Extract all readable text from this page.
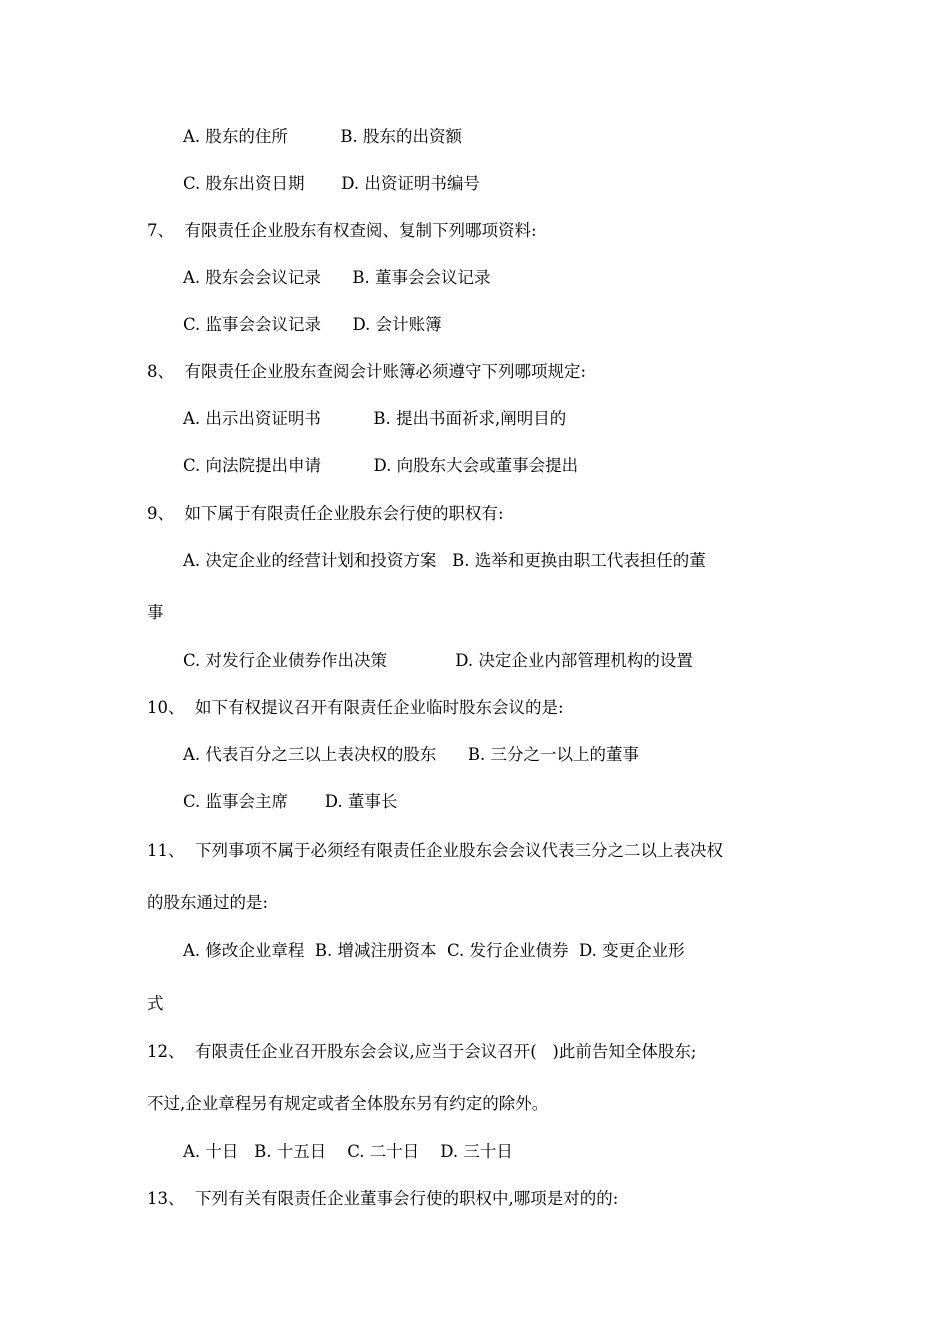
A. 股东的住所          B. 股东的出资额
C. 股东出资日期       D. 出资证明书编号
7、  有限责任企业股东有权查阅、复制下列哪项资料:
A. 股东会会议记录      B. 董事会会议记录
C. 监事会会议记录      D. 会计账簿
8、  有限责任企业股东查阅会计账簿必须遵守下列哪项规定:
A. 出示出资证明书          B. 提出书面祈求,阐明目的
C. 向法院提出申请          D. 向股东大会或董事会提出
9、  如下属于有限责任企业股东会行使的职权有:
A. 决定企业的经营计划和投资方案   B. 选举和更换由职工代表担任的董
事
C. 对发行企业债券作出决策             D. 决定企业内部管理机构的设置
10、  如下有权提议召开有限责任企业临时股东会议的是:
A. 代表百分之三以上表决权的股东      B. 三分之一以上的董事
C. 监事会主席       D. 董事长
11、  下列事项不属于必须经有限责任企业股东会会议代表三分之二以上表决权
的股东通过的是:
A. 修改企业章程  B. 增减注册资本  C. 发行企业债券  D. 变更企业形
式
12、  有限责任企业召开股东会会议,应当于会议召开(   )此前告知全体股东;
不过,企业章程另有规定或者全体股东另有约定的除外。
A. 十日   B. 十五日    C. 二十日    D. 三十日
13、  下列有关有限责任企业董事会行使的职权中,哪项是对的的:
